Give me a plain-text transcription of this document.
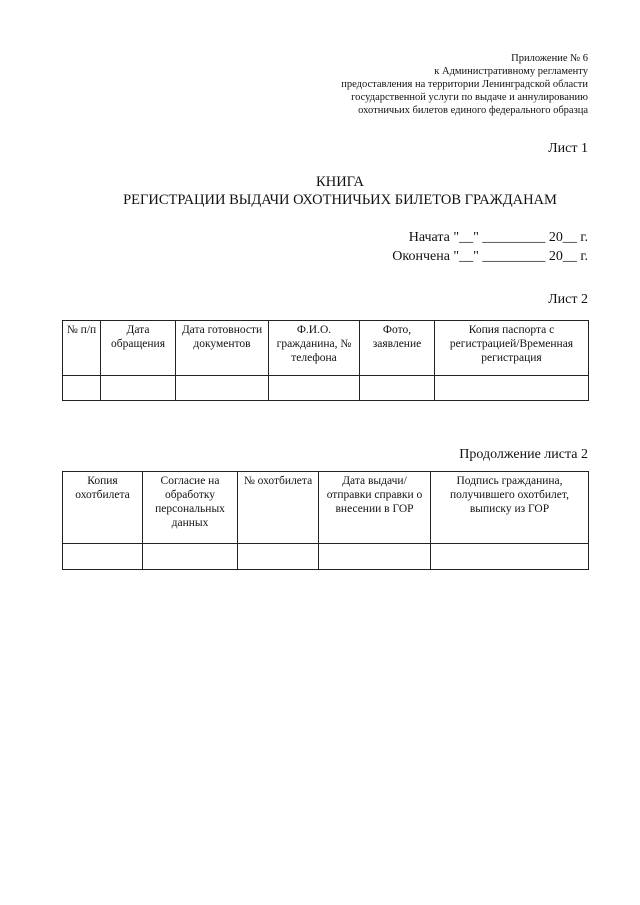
Приложение № 6
к Административному регламенту
предоставления на территории Ленинградской области
государственной услуги по выдаче и аннулированию
охотничьих билетов единого федерального образца
Лист 1
КНИГА
РЕГИСТРАЦИИ ВЫДАЧИ ОХОТНИЧЬИХ БИЛЕТОВ ГРАЖДАНАМ
Начата "__" _________ 20__ г.
Окончена "__" _________ 20__ г.
Лист 2
№ п/п	Дата обращения	Дата готовности документов	Ф.И.О. гражданина, № телефона	Фото, заявление	Копия паспорта с регистрацией/Временная регистрация

Продолжение листа 2
Копия охотбилета	Согласие на обработку персональных данных	№ охотбилета	Дата выдачи/отправки справки о внесении в ГОР	Подпись гражданина, получившего охотбилет, выписку из ГОР
